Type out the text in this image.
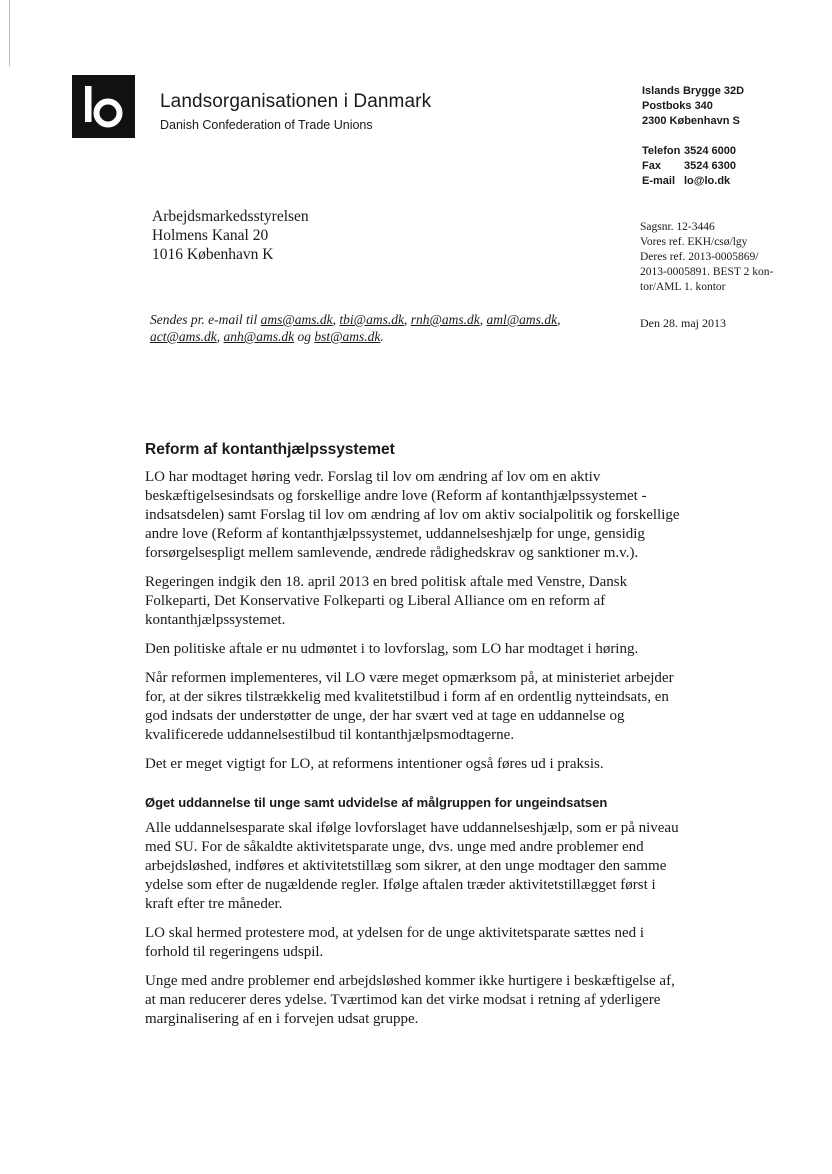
Landsorganisationen i Danmark
Danish Confederation of Trade Unions
Islands Brygge 32D
Postboks 340
2300 København S
Telefon 3524 6000
Fax 3524 6300
E-mail lo@lo.dk
Arbejdsmarkedsstyrelsen
Holmens Kanal 20
1016 København K
Sagsnr. 12-3446
Vores ref. EKH/csø/lgy
Deres ref. 2013-0005869/
2013-0005891. BEST 2 kon-
tor/AML 1. kontor
Sendes pr. e-mail til ams@ams.dk, tbi@ams.dk, rnh@ams.dk, aml@ams.dk,
act@ams.dk, anh@ams.dk og bst@ams.dk.
Den 28. maj 2013
Reform af kontanthjælpssystemet

LO har modtaget høring vedr. Forslag til lov om ændring af lov om en aktiv beskæftigelsesindsats og forskellige andre love (Reform af kontanthjælpssystemet - indsatsdelen) samt Forslag til lov om ændring af lov om aktiv socialpolitik og forskellige andre love (Reform af kontanthjælpssystemet, uddannelseshjælp for unge, gensidig forsørgelsespligt mellem samlevende, ændrede rådighedskrav og sanktioner m.v.).

Regeringen indgik den 18. april 2013 en bred politisk aftale med Venstre, Dansk Folkeparti, Det Konservative Folkeparti og Liberal Alliance om en reform af kontanthjælpssystemet.

Den politiske aftale er nu udmøntet i to lovforslag, som LO har modtaget i høring.

Når reformen implementeres, vil LO være meget opmærksom på, at ministeriet arbejder for, at der sikres tilstrækkelig med kvalitetstilbud i form af en ordentlig nytteindsats, en god indsats der understøtter de unge, der har svært ved at tage en uddannelse og kvalificerede uddannelsestilbud til kontanthjælpsmodtagerne.

Det er meget vigtigt for LO, at reformens intentioner også føres ud i praksis.

Øget uddannelse til unge samt udvidelse af målgruppen for ungeindsatsen

Alle uddannelsesparate skal ifølge lovforslaget have uddannelseshjælp, som er på niveau med SU. For de såkaldte aktivitetsparate unge, dvs. unge med andre problemer end arbejdsløshed, indføres et aktivitetstillæg som sikrer, at den unge modtager den samme ydelse som efter de nugældende regler. Ifølge aftalen træder aktivitetstillægget først i kraft efter tre måneder.

LO skal hermed protestere mod, at ydelsen for de unge aktivitetsparate sættes ned i forhold til regeringens udspil.

Unge med andre problemer end arbejdsløshed kommer ikke hurtigere i beskæftigelse af, at man reducerer deres ydelse. Tværtimod kan det virke modsat i retning af yderligere marginalisering af en i forvejen udsat gruppe.
